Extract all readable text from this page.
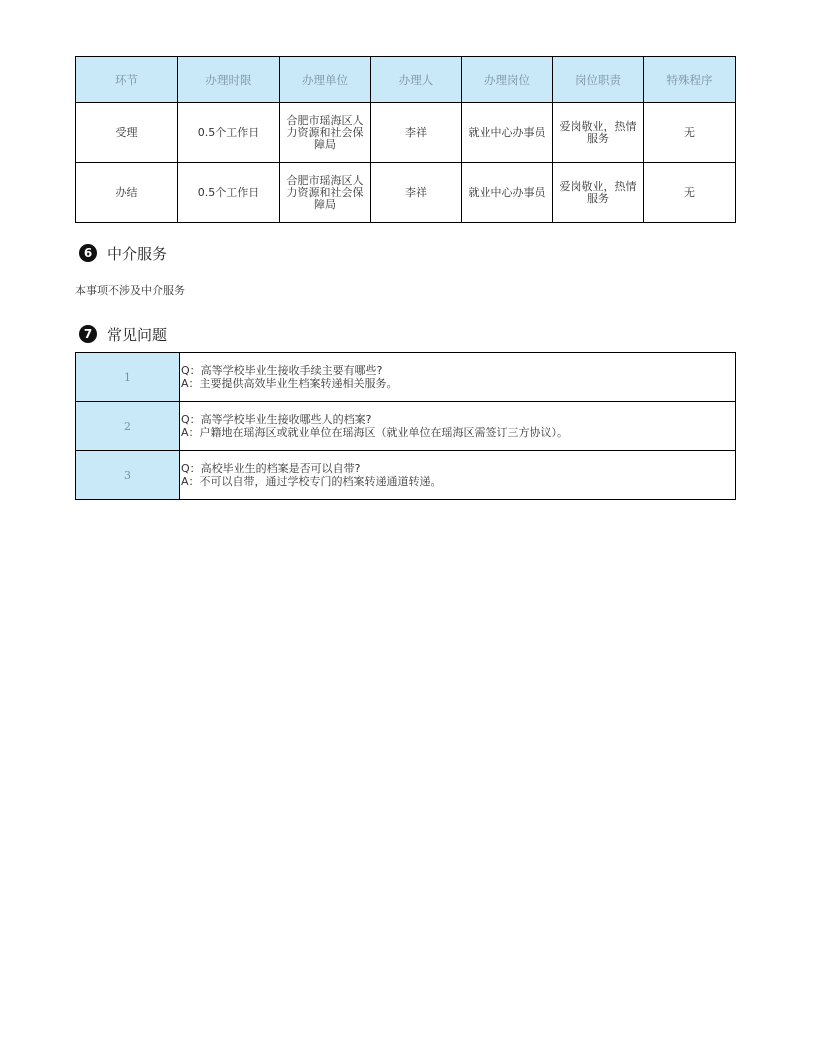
环节	办理时限	办理单位	办理人	办理岗位	岗位职责	特殊程序
受理	0.5个工作日	合肥市瑶海区人力资源和社会保障局	李祥	就业中心办事员	爱岗敬业，热情服务	无
办结	0.5个工作日	合肥市瑶海区人力资源和社会保障局	李祥	就业中心办事员	爱岗敬业，热情服务	无
6 中介服务
本事项不涉及中介服务
7 常见问题
1	Q：高等学校毕业生接收手续主要有哪些?
A：主要提供高效毕业生档案转递相关服务。

2	Q：高等学校毕业生接收哪些人的档案?
A：户籍地在瑶海区或就业单位在瑶海区（就业单位在瑶海区需签订三方协议）。

3	Q：高校毕业生的档案是否可以自带?
A：不可以自带，通过学校专门的档案转递通道转递。
